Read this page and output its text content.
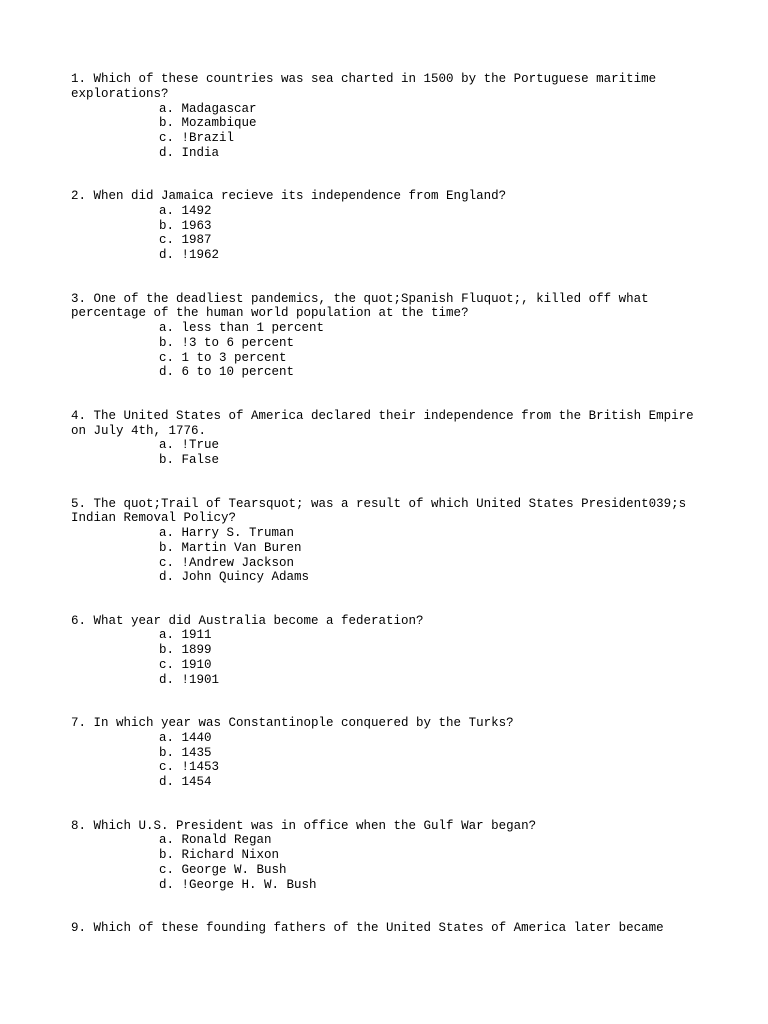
1. Which of these countries was sea charted in 1500 by the Portuguese maritime
explorations?
a. Madagascar
b. Mozambique
c. !Brazil
d. India
2. When did Jamaica recieve its independence from England?
a. 1492
b. 1963
c. 1987
d. !1962
3. One of the deadliest pandemics, the quot;Spanish Fluquot;, killed off what
percentage of the human world population at the time?
a. less than 1 percent
b. !3 to 6 percent
c. 1 to 3 percent
d. 6 to 10 percent
4. The United States of America declared their independence from the British Empire
on July 4th, 1776.
a. !True
b. False
5. The quot;Trail of Tearsquot; was a result of which United States President039;s
Indian Removal Policy?
a. Harry S. Truman
b. Martin Van Buren
c. !Andrew Jackson
d. John Quincy Adams
6. What year did Australia become a federation?
a. 1911
b. 1899
c. 1910
d. !1901
7. In which year was Constantinople conquered by the Turks?
a. 1440
b. 1435
c. !1453
d. 1454
8. Which U.S. President was in office when the Gulf War began?
a. Ronald Regan
b. Richard Nixon
c. George W. Bush
d. !George H. W. Bush
9. Which of these founding fathers of the United States of America later became
